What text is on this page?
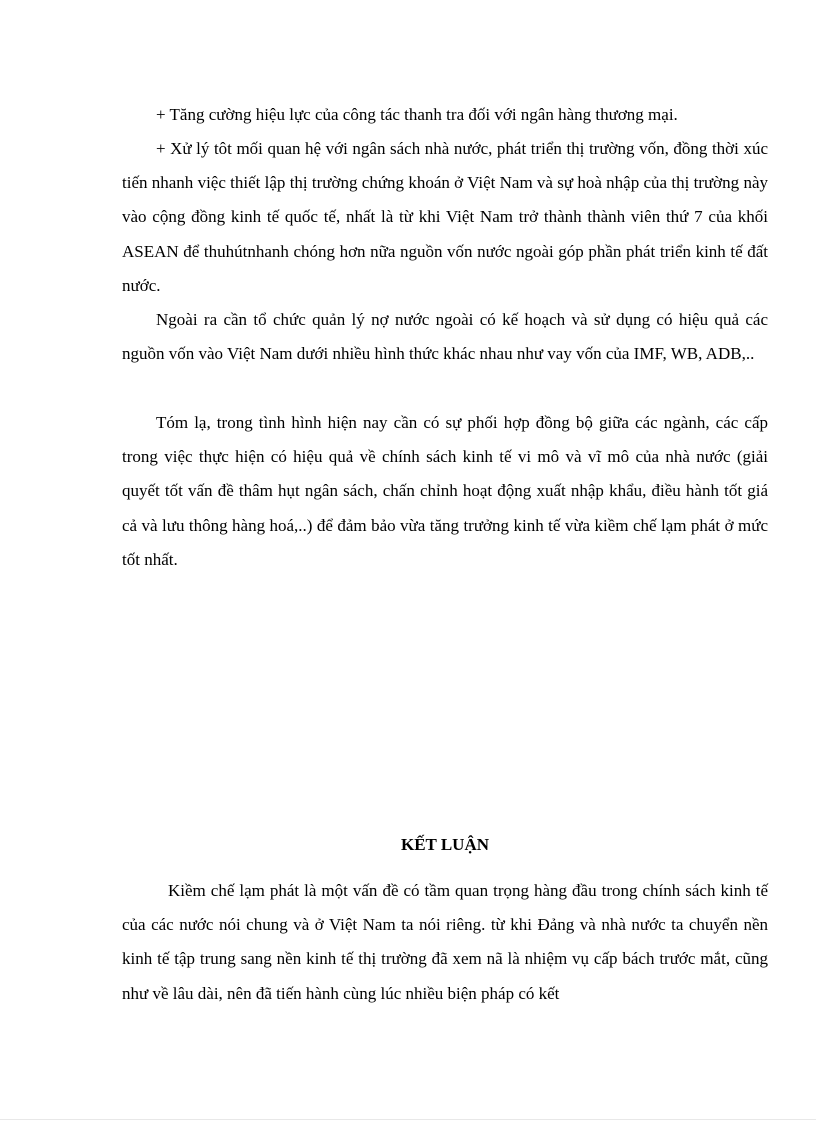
+ Tăng cường hiệu lực của công tác thanh tra đối với ngân hàng thương mại.

+ Xử lý tôt mối quan hệ với ngân sách nhà nước, phát triển thị trường vốn, đồng thời xúc tiến nhanh việc thiết lập thị trường chứng khoán ở Việt Nam và sự hoà nhập của thị trường này vào cộng đồng kinh tế quốc tế, nhất là từ khi Việt Nam trở thành thành viên thứ 7 của khối ASEAN để thuhútnhanh chóng hơn nữa nguồn vốn nước ngoài góp phần phát triển kinh tế đất nước.

Ngoài ra cần tổ chức quản lý nợ nước ngoài có kế hoạch và sử dụng có hiệu quả các nguồn vốn vào Việt Nam dưới nhiều hình thức khác nhau như vay vốn của IMF, WB, ADB,..

Tóm lạ, trong tình hình hiện nay cần có sự phối hợp đồng bộ giữa các ngành, các cấp trong việc thực hiện có hiệu quả về chính sách kinh tế vi mô và vĩ mô của nhà nước (giải quyết tốt vấn đề thâm hụt ngân sách, chấn chỉnh hoạt động xuất nhập khẩu, điều hành tốt giá cả và lưu thông hàng hoá,..) để đảm bảo vừa tăng trưởng kinh tế vừa kiềm chế lạm phát ở mức tốt nhất.

KẾT LUẬN

Kiềm chế lạm phát là một vấn đề có tầm quan trọng hàng đầu trong chính sách kinh tế của các nước nói chung và ở Việt Nam ta nói riêng. từ khi Đảng và nhà nước ta chuyển nền kinh tế tập trung sang nền kinh tế thị trường đã xem nã là nhiệm vụ cấp bách trước mắt, cũng như về lâu dài, nên đã tiến hành cùng lúc nhiều biện pháp có kết
